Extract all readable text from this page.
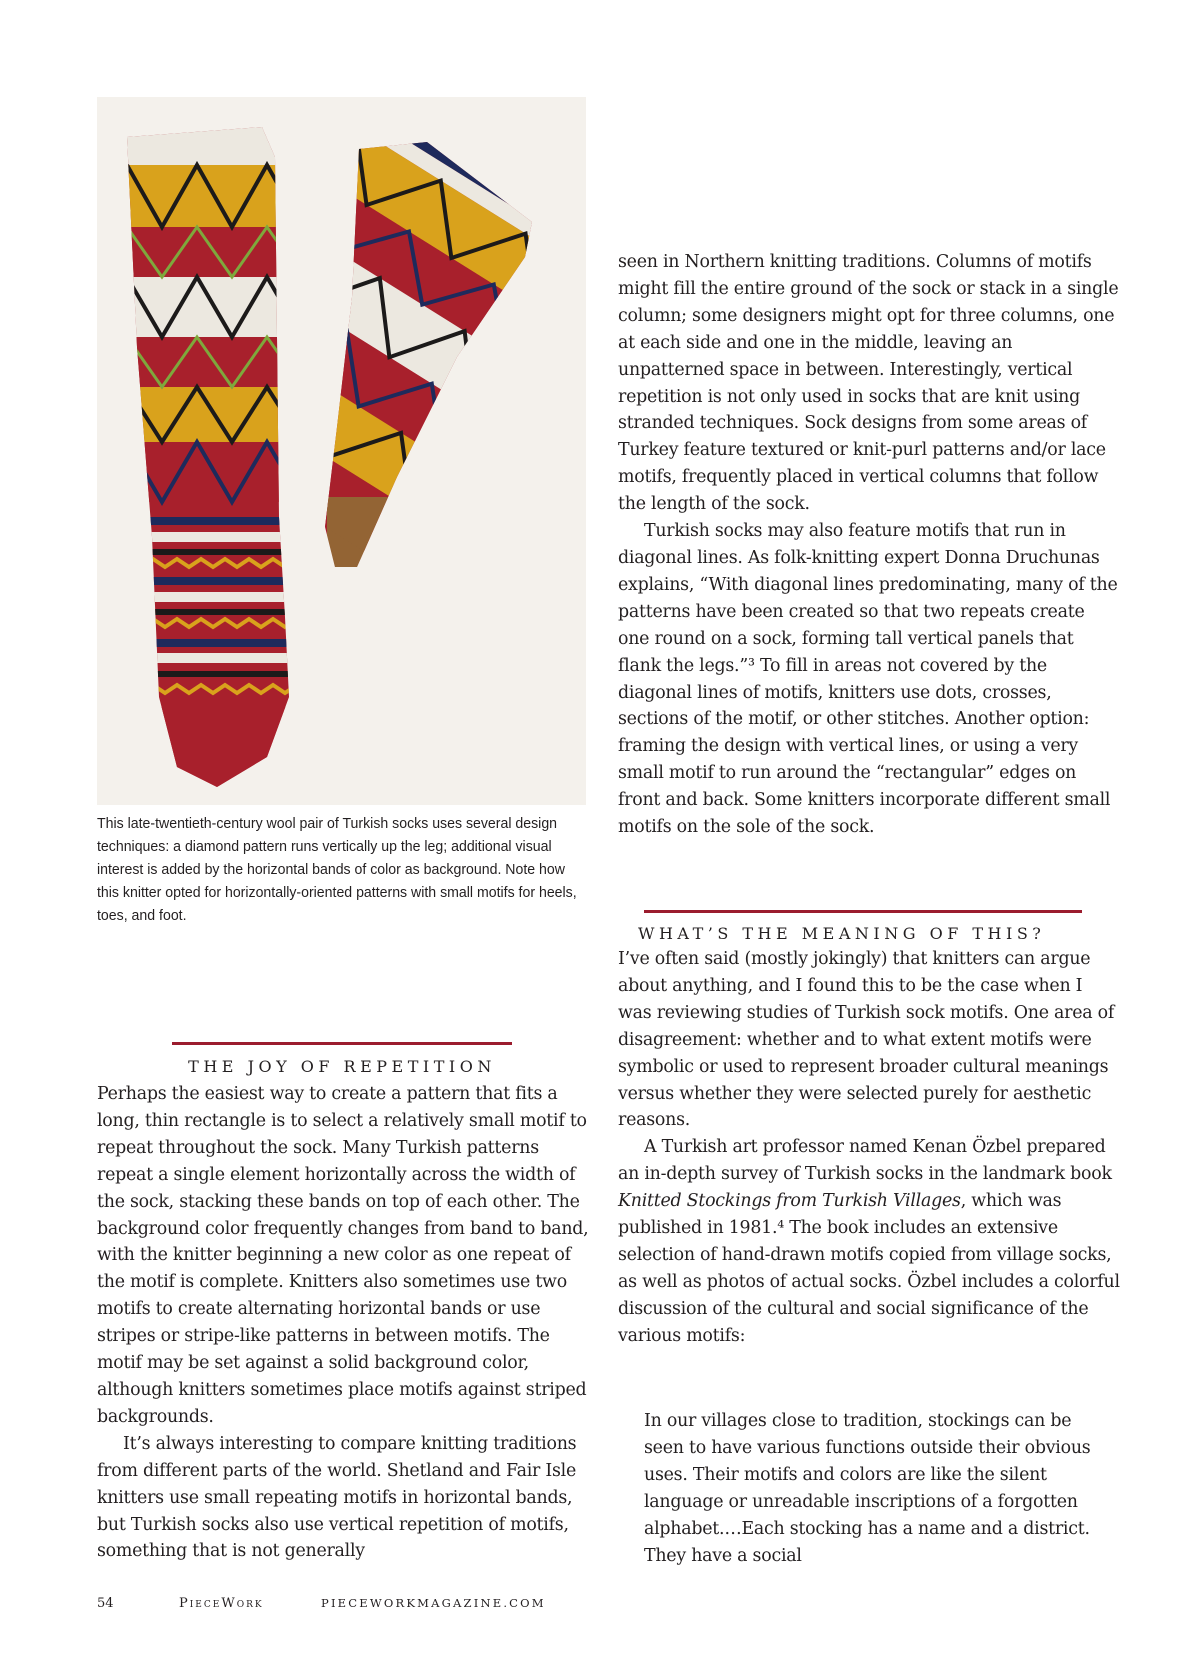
This late-twentieth-century wool pair of Turkish socks uses several design techniques: a diamond pattern runs vertically up the leg; additional visual interest is added by the horizontal bands of color as background. Note how this knitter opted for horizontally-oriented patterns with small motifs for heels, toes, and foot.
THE JOY OF REPETITION

Perhaps the easiest way to create a pattern that fits a long, thin rectangle is to select a relatively small motif to repeat throughout the sock. Many Turkish patterns repeat a single element horizontally across the width of the sock, stacking these bands on top of each other. The background color frequently changes from band to band, with the knitter beginning a new color as one repeat of the motif is complete. Knitters also sometimes use two motifs to create alternating horizontal bands or use stripes or stripe-like patterns in between motifs. The motif may be set against a solid background color, although knitters sometimes place motifs against striped backgrounds.

It’s always interesting to compare knitting traditions from different parts of the world. Shetland and Fair Isle knitters use small repeating motifs in horizontal bands, but Turkish socks also use vertical repetition of motifs, something that is not generally

seen in Northern knitting traditions. Columns of motifs might fill the entire ground of the sock or stack in a single column; some designers might opt for three columns, one at each side and one in the middle, leaving an unpatterned space in between. Interestingly, vertical repetition is not only used in socks that are knit using stranded techniques. Sock designs from some areas of Turkey feature textured or knit-purl patterns and/or lace motifs, frequently placed in vertical columns that follow the length of the sock.

Turkish socks may also feature motifs that run in diagonal lines. As folk-knitting expert Donna Druchunas explains, “With diagonal lines predominating, many of the patterns have been created so that two repeats create one round on a sock, forming tall vertical panels that flank the legs.”³ To fill in areas not covered by the diagonal lines of motifs, knitters use dots, crosses, sections of the motif, or other stitches. Another option: framing the design with vertical lines, or using a very small motif to run around the “rectangular” edges on front and back. Some knitters incorporate different small motifs on the sole of the sock.

WHAT’S THE MEANING OF THIS?

I’ve often said (mostly jokingly) that knitters can argue about anything, and I found this to be the case when I was reviewing studies of Turkish sock motifs. One area of disagreement: whether and to what extent motifs were symbolic or used to represent broader cultural meanings versus whether they were selected purely for aesthetic reasons.

A Turkish art professor named Kenan Özbel prepared an in-depth survey of Turkish socks in the landmark book Knitted Stockings from Turkish Villages, which was published in 1981.⁴ The book includes an extensive selection of hand-drawn motifs copied from village socks, as well as photos of actual socks. Özbel includes a colorful discussion of the cultural and social significance of the various motifs:

In our villages close to tradition, stockings can be seen to have various functions outside their obvious uses. Their motifs and colors are like the silent language or unreadable inscriptions of a forgotten alphabet.…Each stocking has a name and a district. They have a social

54	PieceWork	PIECEWORKMAGAZINE.COM
